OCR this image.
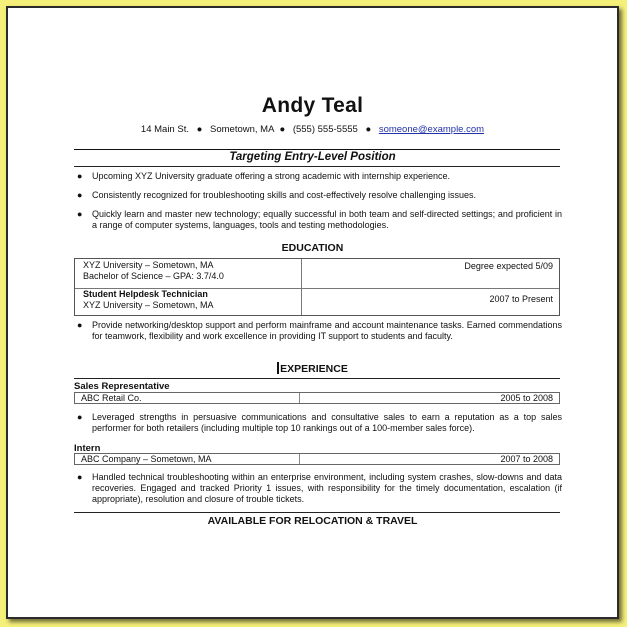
Andy Teal
14 Main St. ● Sometown, MA ● (555) 555-5555 ● someone@example.com
Targeting Entry-Level Position
● Upcoming XYZ University graduate offering a strong academic with internship experience.
● Consistently recognized for troubleshooting skills and cost-effectively resolve challenging issues.
● Quickly learn and master new technology; equally successful in both team and self-directed settings; and proficient in a range of computer systems, languages, tools and testing methodologies.
EDUCATION
XYZ University – Sometown, MA
Bachelor of Science – GPA: 3.7/4.0
Degree expected 5/09
Student Helpdesk Technician
XYZ University – Sometown, MA
2007 to Present
● Provide networking/desktop support and perform mainframe and account maintenance tasks. Earned commendations for teamwork, flexibility and work excellence in providing IT support to students and faculty.
EXPERIENCE
Sales Representative
ABC Retail Co.	2005 to 2008
● Leveraged strengths in persuasive communications and consultative sales to earn a reputation as a top sales performer for both retailers (including multiple top 10 rankings out of a 100-member sales force).
Intern
ABC Company – Sometown, MA	2007 to 2008
● Handled technical troubleshooting within an enterprise environment, including system crashes, slow-downs and data recoveries. Engaged and tracked Priority 1 issues, with responsibility for the timely documentation, escalation (if appropriate), resolution and closure of trouble tickets.
AVAILABLE FOR RELOCATION & TRAVEL
